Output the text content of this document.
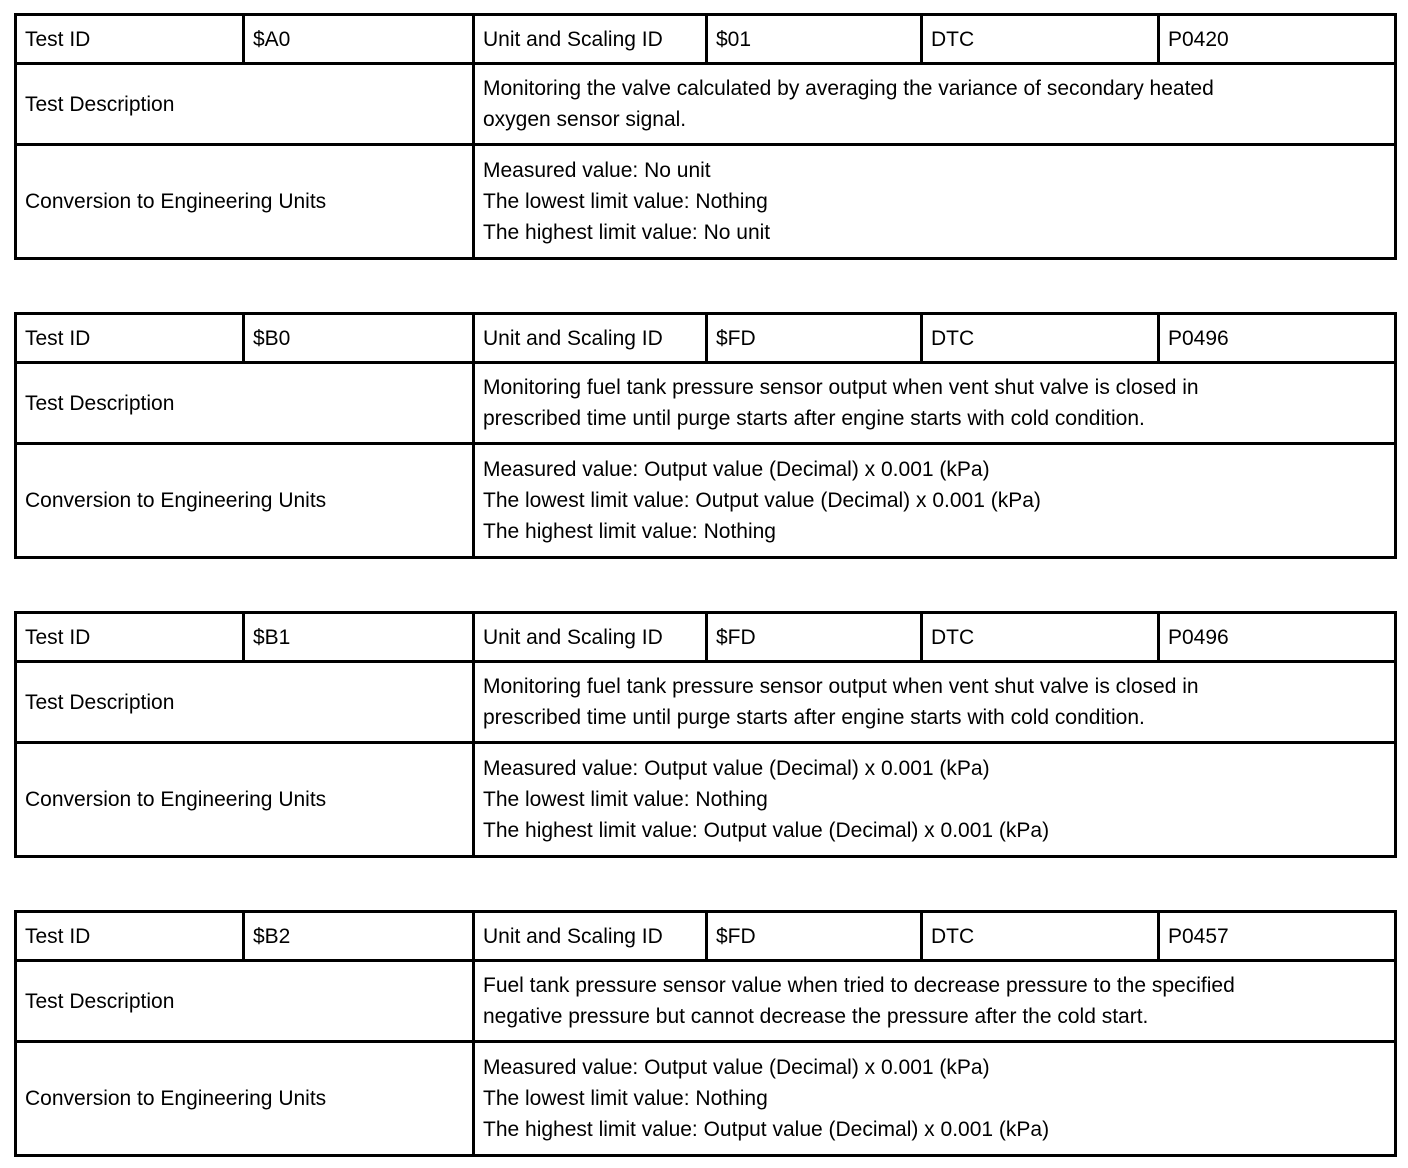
Test ID	$A0	Unit and Scaling ID	$01	DTC	P0420
Test Description		Monitoring the valve calculated by averaging the variance of secondary heated
oxygen sensor signal.			

Conversion to Engineering Units		Measured value: No unit
The lowest limit value: Nothing
The highest limit value: No unit			
Test ID	$B0	Unit and Scaling ID	$FD	DTC	P0496
Test Description		Monitoring fuel tank pressure sensor output when vent shut valve is closed in
prescribed time until purge starts after engine starts with cold condition.			

Conversion to Engineering Units		Measured value: Output value (Decimal) x 0.001 (kPa)
The lowest limit value: Output value (Decimal) x 0.001 (kPa)
The highest limit value: Nothing			
Test ID	$B1	Unit and Scaling ID	$FD	DTC	P0496
Test Description		Monitoring fuel tank pressure sensor output when vent shut valve is closed in
prescribed time until purge starts after engine starts with cold condition.			

Conversion to Engineering Units		Measured value: Output value (Decimal) x 0.001 (kPa)
The lowest limit value: Nothing
The highest limit value: Output value (Decimal) x 0.001 (kPa)			
Test ID	$B2	Unit and Scaling ID	$FD	DTC	P0457
Test Description		Fuel tank pressure sensor value when tried to decrease pressure to the specified
negative pressure but cannot decrease the pressure after the cold start.			

Conversion to Engineering Units		Measured value: Output value (Decimal) x 0.001 (kPa)
The lowest limit value: Nothing
The highest limit value: Output value (Decimal) x 0.001 (kPa)			
